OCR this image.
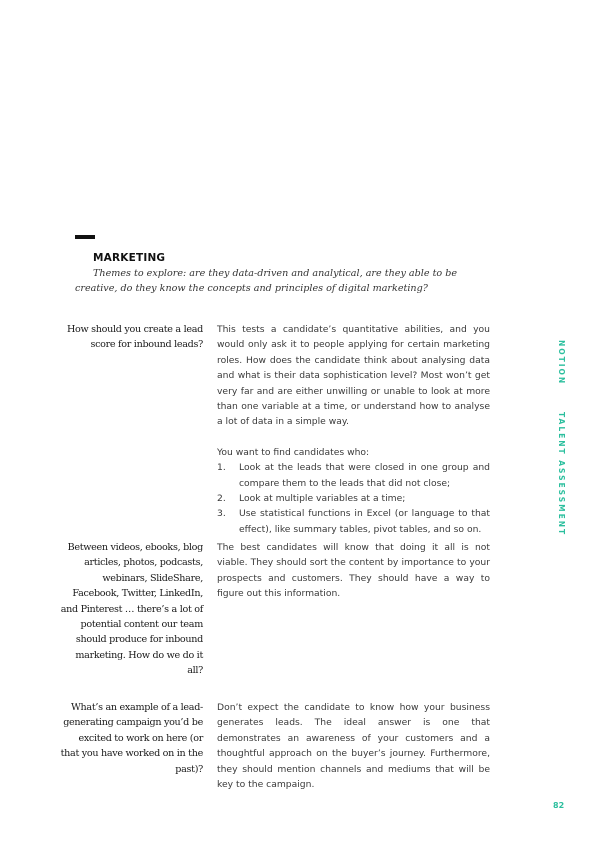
MARKETING
Themes to explore: are they data-driven and analytical, are they able to be creative, do they know the concepts and principles of digital marketing?
How should you create a lead score for inbound leads?

This tests a candidate’s quantitative abilities, and you would only ask it to people applying for certain marketing roles. How does the candidate think about analysing data and what is their data sophistication level? Most won’t get very far and are either unwilling or unable to look at more than one variable at a time, or understand how to analyse a lot of data in a simple way.

You want to find candidates who:

1.	Look at the leads that were closed in one group and compare them to the leads that did not close;
2.	Look at multiple variables at a time;
3.	Use statistical functions in Excel (or language to that effect), like summary tables, pivot tables, and so on.
Between videos, ebooks, blog articles, photos, podcasts, webinars, SlideShare, Facebook, Twitter, LinkedIn, and Pinterest … there’s a lot of potential content our team should produce for inbound marketing. How do we do it all?

The best candidates will know that doing it all is not viable. They should sort the content by importance to your prospects and customers. They should have a way to figure out this information.

What’s an example of a lead-generating campaign you’d be excited to work on here (or that you have worked on in the past)?

Don’t expect the candidate to know how your business generates leads. The ideal answer is one that demonstrates an awareness of your customers and a thoughtful approach on the buyer’s journey. Furthermore, they should mention channels and mediums that will be key to the campaign.

NOTION
TALENT ASSESSMENT
82
